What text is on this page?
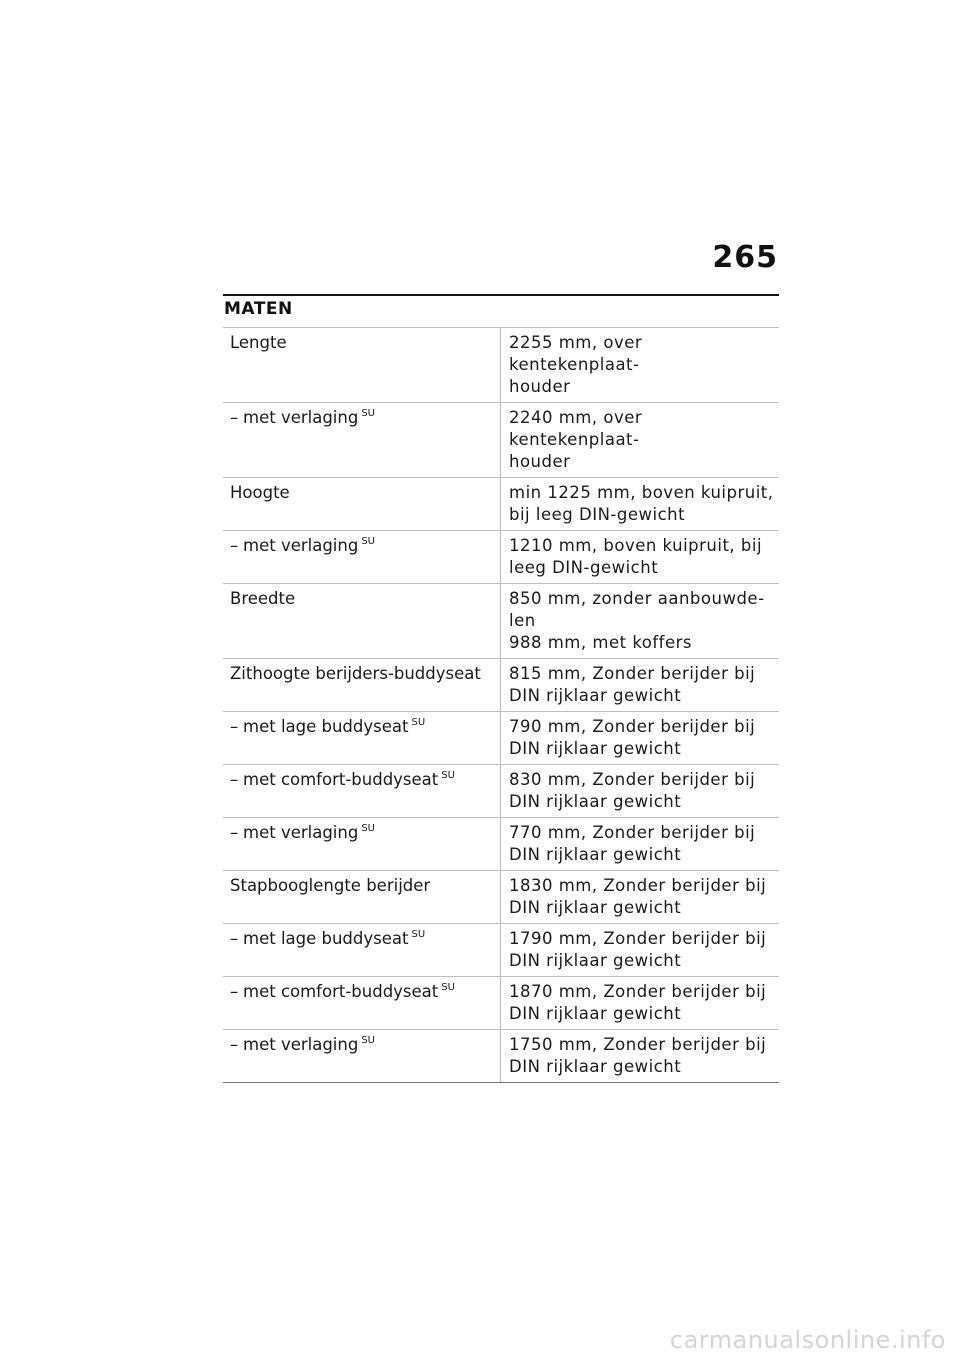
265
MATEN
Lengte	2255 mm, over kentekenplaat-
houder

– met verlaging $^{SU}$	2240 mm, over kentekenplaat-
houder

Hoogte	min 1225 mm, boven kuipruit,
bij leeg DIN-gewicht

– met verlaging $^{SU}$	1210 mm, boven kuipruit, bij
leeg DIN-gewicht

Breedte	850 mm, zonder aanbouwde-
len
988 mm, met koffers

Zithoogte berijders-buddyseat	815 mm, Zonder berijder bij
DIN rijklaar gewicht

– met lage buddyseat $^{SU}$	790 mm, Zonder berijder bij
DIN rijklaar gewicht

– met comfort-buddyseat $^{SU}$	830 mm, Zonder berijder bij
DIN rijklaar gewicht

– met verlaging $^{SU}$	770 mm, Zonder berijder bij
DIN rijklaar gewicht

Stapbooglengte berijder	1830 mm, Zonder berijder bij
DIN rijklaar gewicht

– met lage buddyseat $^{SU}$	1790 mm, Zonder berijder bij
DIN rijklaar gewicht

– met comfort-buddyseat $^{SU}$	1870 mm, Zonder berijder bij
DIN rijklaar gewicht

– met verlaging $^{SU}$	1750 mm, Zonder berijder bij
DIN rijklaar gewicht
carmanualsonline.info
